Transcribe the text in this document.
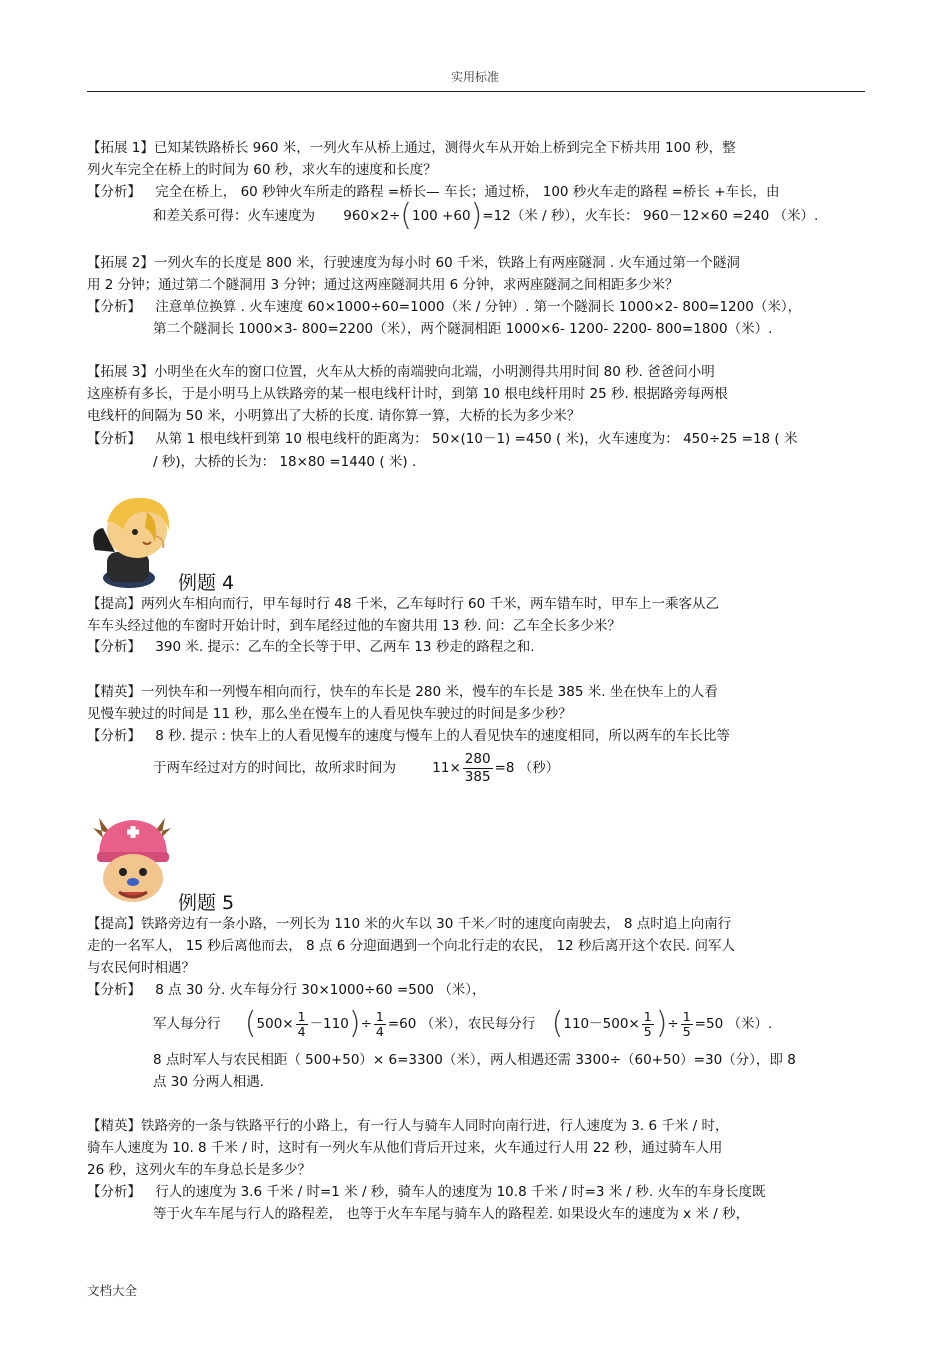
实用标准
【拓展 1】已知某铁路桥长 960 米，一列火车从桥上通过，测得火车从开始上桥到完全下桥共用 100 秒，整
列火车完全在桥上的时间为 60 秒，求火车的速度和长度？
【分析】 完全在桥上， 60 秒钟火车所走的路程 =桥长— 车长；通过桥， 100 秒火车走的路程 =桥长 +车长，由
和差关系可得：火车速度为 960×2÷(100 +60)=12（米 / 秒），火车长： 960－12×60 =240 （米）.
【拓展 2】一列火车的长度是 800 米，行驶速度为每小时 60 千米，铁路上有两座隧洞 . 火车通过第一个隧洞
用 2 分钟；通过第二个隧洞用 3 分钟；通过这两座隧洞共用 6 分钟，求两座隧洞之间相距多少米？
【分析】 注意单位换算 . 火车速度 60×1000÷60=1000（米 / 分钟）. 第一个隧洞长 1000×2- 800=1200（米），
第二个隧洞长 1000×3- 800=2200（米），两个隧洞相距 1000×6- 1200- 2200- 800=1800（米）.
【拓展 3】小明坐在火车的窗口位置，火车从大桥的南端驶向北端，小明测得共用时间 80 秒. 爸爸问小明
这座桥有多长，于是小明马上从铁路旁的某一根电线杆计时，到第 10 根电线杆用时 25 秒. 根据路旁每两根
电线杆的间隔为 50 米，小明算出了大桥的长度. 请你算一算，大桥的长为多少米？
【分析】 从第 1 根电线杆到第 10 根电线杆的距离为： 50×(10－1) =450 ( 米)，火车速度为： 450÷25 =18 ( 米
/ 秒)，大桥的长为： 18×80 =1440 ( 米) .
例题 4
【提高】两列火车相向而行，甲车每时行 48 千米，乙车每时行 60 千米，两车错车时，甲车上一乘客从乙
车车头经过他的车窗时开始计时，到车尾经过他的车窗共用 13 秒. 问：乙车全长多少米？
【分析】 390 米. 提示：乙车的全长等于甲、乙两车 13 秒走的路程之和.
【精英】一列快车和一列慢车相向而行，快车的车长是 280 米，慢车的车长是 385 米. 坐在快车上的人看
见慢车驶过的时间是 11 秒，那么坐在慢车上的人看见快车驶过的时间是多少秒？
【分析】 8 秒. 提示 : 快车上的人看见慢车的速度与慢车上的人看见快车的速度相同，所以两车的车长比等
于两车经过对方的时间比，故所求时间为	$11\times \frac{280}{385} =8$ （秒）
例题 5
【提高】铁路旁边有一条小路，一列长为 110 米的火车以 30 千米／时的速度向南驶去， 8 点时追上向南行
走的一名军人， 15 秒后离他而去， 8 点 6 分迎面遇到一个向北行走的农民， 12 秒后离开这个农民. 问军人
与农民何时相遇？
【分析】 8 点 30 分. 火车每分行 30×1000÷60 =500 （米），
军人每分行 $(500\times \frac{1}{4} -110)\div \frac{1}{4} =60$ （米），农民每分行 ($110-500\times \frac{1}{5}$ )÷ $\frac{1}{5} =50$ （米）.
8 点时军人与农民相距（ 500+50）× 6=3300（米），两人相遇还需 3300÷（60+50）=30（分），即 8
点 30 分两人相遇.
【精英】铁路旁的一条与铁路平行的小路上，有一行人与骑车人同时向南行进，行人速度为 3. 6 千米 / 时，
骑车人速度为 10. 8 千米 / 时，这时有一列火车从他们背后开过来，火车通过行人用 22 秒，通过骑车人用
26 秒，这列火车的车身总长是多少？
【分析】 行人的速度为 3.6 千米 / 时=1 米 / 秒，骑车人的速度为 10.8 千米 / 时=3 米 / 秒. 火车的车身长度既
等于火车车尾与行人的路程差， 也等于火车车尾与骑车人的路程差. 如果设火车的速度为 x 米 / 秒，
文档大全
